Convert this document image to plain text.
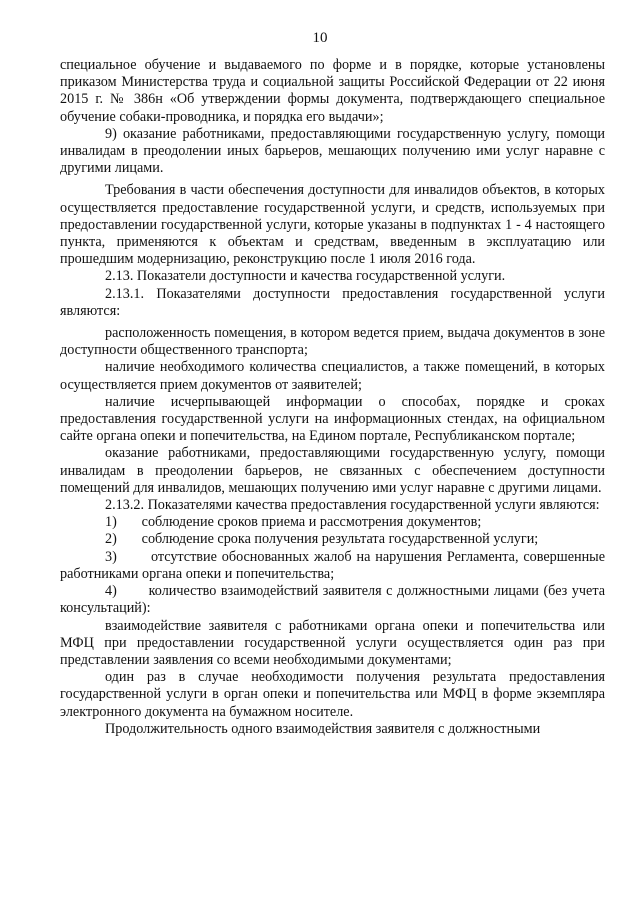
10

специальное обучение и выдаваемого по форме и в порядке, которые установлены приказом Министерства труда и социальной защиты Российской Федерации от 22 июня 2015 г. № 386н «Об утверждении формы документа, подтверждающего специальное обучение собаки-проводника, и порядка его выдачи»;

9) оказание работниками, предоставляющими государственную услугу, помощи инвалидам в преодолении иных барьеров, мешающих получению ими услуг наравне с другими лицами.

Требования в части обеспечения доступности для инвалидов объектов, в которых осуществляется предоставление государственной услуги, и средств, используемых при предоставлении государственной услуги, которые указаны в подпунктах 1 - 4 настоящего пункта, применяются к объектам и средствам, введенным в эксплуатацию или прошедшим модернизацию, реконструкцию после 1 июля 2016 года.

2.13. Показатели доступности и качества государственной услуги.

2.13.1. Показателями доступности предоставления государственной услуги являются:

расположенность помещения, в котором ведется прием, выдача документов в зоне доступности общественного транспорта;

наличие необходимого количества специалистов, а также помещений, в которых осуществляется прием документов от заявителей;

наличие исчерпывающей информации о способах, порядке и сроках предоставления государственной услуги на информационных стендах, на официальном сайте органа опеки и попечительства, на Едином портале, Республиканском портале;

оказание работниками, предоставляющими государственную услугу, помощи инвалидам в преодолении барьеров, не связанных с обеспечением доступности помещений для инвалидов, мешающих получению ими услуг наравне с другими лицами.

2.13.2. Показателями качества предоставления государственной услуги являются:

1) соблюдение сроков приема и рассмотрения документов;

2) соблюдение срока получения результата государственной услуги;

3) отсутствие обоснованных жалоб на нарушения Регламента, совершенные работниками органа опеки и попечительства;

4) количество взаимодействий заявителя с должностными лицами (без учета консультаций):

взаимодействие заявителя с работниками органа опеки и попечительства или МФЦ при предоставлении государственной услуги осуществляется один раз при представлении заявления со всеми необходимыми документами;

один раз в случае необходимости получения результата предоставления государственной услуги в орган опеки и попечительства или МФЦ в форме экземпляра электронного документа на бумажном носителе.

Продолжительность одного взаимодействия заявителя с должностными
